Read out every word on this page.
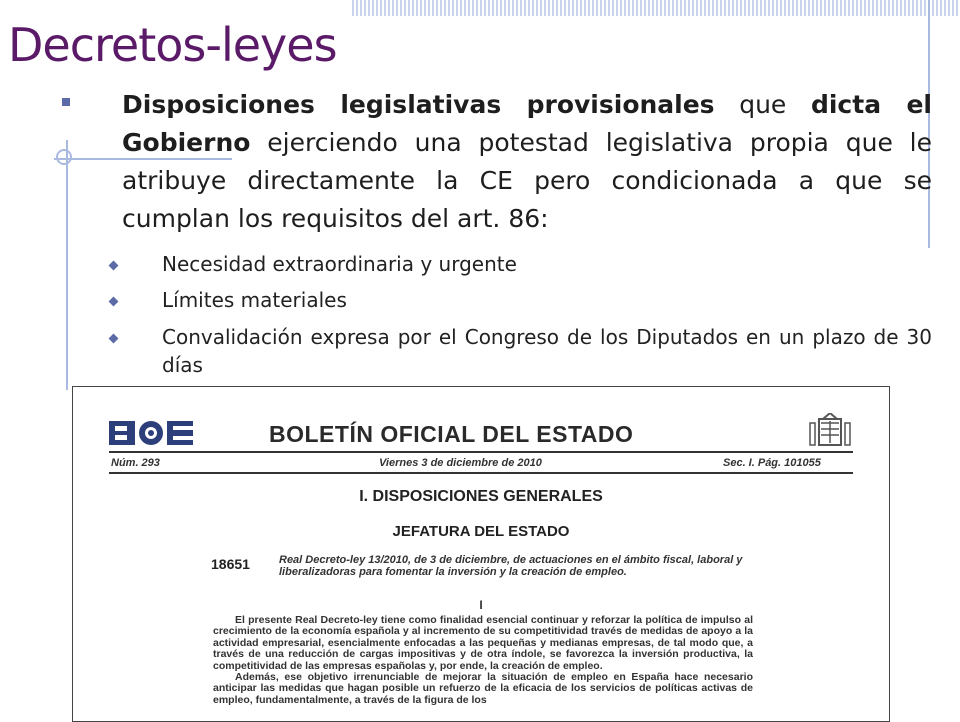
Decretos-leyes
Disposiciones legislativas provisionales que dicta el Gobierno ejerciendo una potestad legislativa propia que le atribuye directamente la CE pero condicionada a que se cumplan los requisitos del art. 86:
Necesidad extraordinaria y urgente
Límites materiales
Convalidación expresa por el Congreso de los Diputados en un plazo de 30 días
BOLETÍN OFICIAL DEL ESTADO
Núm. 293	Viernes 3 de diciembre de 2010	Sec. I. Pág. 101055
I. DISPOSICIONES GENERALES
JEFATURA DEL ESTADO
18651	Real Decreto-ley 13/2010, de 3 de diciembre, de actuaciones en el ámbito fiscal, laboral y liberalizadoras para fomentar la inversión y la creación de empleo.
I

El presente Real Decreto-ley tiene como finalidad esencial continuar y reforzar la política de impulso al crecimiento de la economía española y al incremento de su competitividad través de medidas de apoyo a la actividad empresarial, esencialmente enfocadas a las pequeñas y medianas empresas, de tal modo que, a través de una reducción de cargas impositivas y de otra índole, se favorezca la inversión productiva, la competitividad de las empresas españolas y, por ende, la creación de empleo.

Además, ese objetivo irrenunciable de mejorar la situación de empleo en España hace necesario anticipar las medidas que hagan posible un refuerzo de la eficacia de los servicios de políticas activas de empleo, fundamentalmente, a través de la figura de los
